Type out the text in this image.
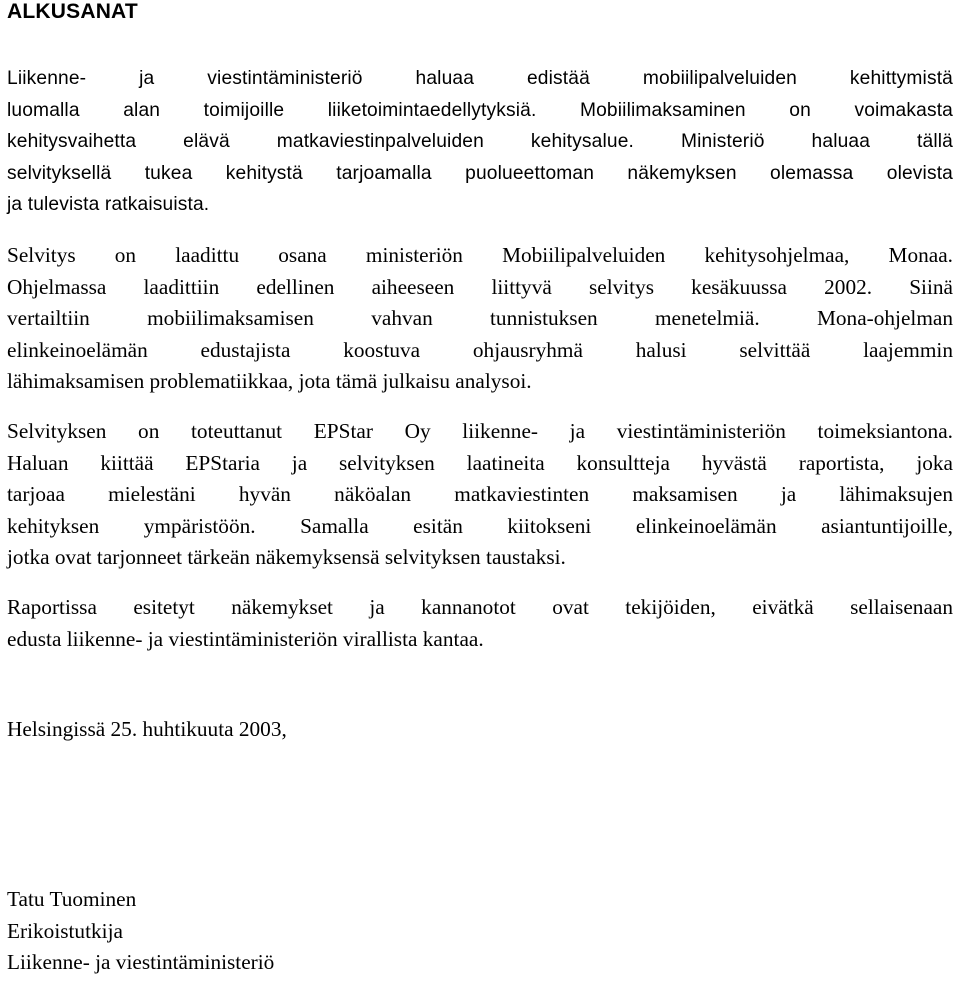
ALKUSANAT

Liikenne- ja viestintäministeriö haluaa edistää mobiilipalveluiden kehittymistä
luomalla alan toimijoille liiketoimintaedellytyksiä. Mobiilimaksaminen on voimakasta
kehitysvaihetta elävä matkaviestinpalveluiden kehitysalue. Ministeriö haluaa tällä
selvityksellä tukea kehitystä tarjoamalla puolueettoman näkemyksen olemassa olevista
ja tulevista ratkaisuista.

Selvitys on laadittu osana ministeriön Mobiilipalveluiden kehitysohjelmaa, Monaa.
Ohjelmassa laadittiin edellinen aiheeseen liittyvä selvitys kesäkuussa 2002. Siinä
vertailtiin mobiilimaksamisen vahvan tunnistuksen menetelmiä. Mona-ohjelman
elinkeinoelämän edustajista koostuva ohjausryhmä halusi selvittää laajemmin
lähimaksamisen problematiikkaa, jota tämä julkaisu analysoi.

Selvityksen on toteuttanut EPStar Oy liikenne- ja viestintäministeriön toimeksiantona.
Haluan kiittää EPStaria ja selvityksen laatineita konsultteja hyvästä raportista, joka
tarjoaa mielestäni hyvän näköalan matkaviestinten maksamisen ja lähimaksujen
kehityksen ympäristöön. Samalla esitän kiitokseni elinkeinoelämän asiantuntijoille,
jotka ovat tarjonneet tärkeän näkemyksensä selvityksen taustaksi.

Raportissa esitetyt näkemykset ja kannanotot ovat tekijöiden, eivätkä sellaisenaan
edusta liikenne- ja viestintäministeriön virallista kantaa.

Helsingissä 25. huhtikuuta 2003,

Tatu Tuominen
Erikoistutkija
Liikenne- ja viestintäministeriö
